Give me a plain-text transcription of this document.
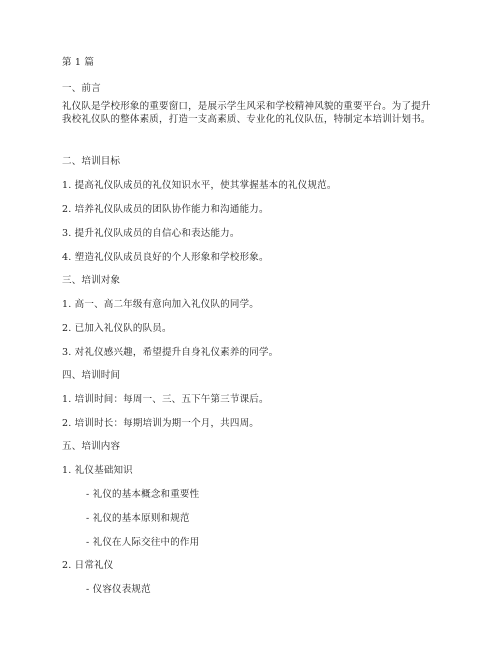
第 1 篇
一、前言
礼仪队是学校形象的重要窗口，是展示学生风采和学校精神风貌的重要平台。为了提升我校礼仪队的整体素质，打造一支高素质、专业化的礼仪队伍，特制定本培训计划书。
二、培训目标
1. 提高礼仪队成员的礼仪知识水平，使其掌握基本的礼仪规范。
2. 培养礼仪队成员的团队协作能力和沟通能力。
3. 提升礼仪队成员的自信心和表达能力。
4. 塑造礼仪队成员良好的个人形象和学校形象。
三、培训对象
1. 高一、高二年级有意向加入礼仪队的同学。
2. 已加入礼仪队的队员。
3. 对礼仪感兴趣，希望提升自身礼仪素养的同学。
四、培训时间
1. 培训时间：每周一、三、五下午第三节课后。
2. 培训时长：每期培训为期一个月，共四周。
五、培训内容
1. 礼仪基础知识
- 礼仪的基本概念和重要性
- 礼仪的基本原则和规范
- 礼仪在人际交往中的作用
2. 日常礼仪
- 仪容仪表规范
